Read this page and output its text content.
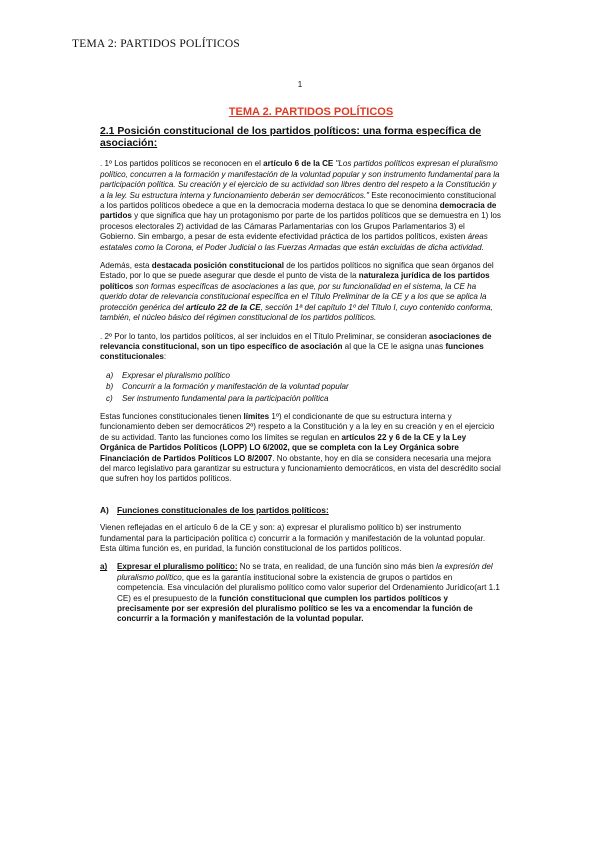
TEMA 2: PARTIDOS POLÍTICOS
1
TEMA 2. PARTIDOS POLÍTICOS
2.1 Posición constitucional de los partidos políticos: una forma específica de asociación:

. 1º Los partidos políticos se reconocen en el artículo 6 de la CE "Los partidos políticos expresan el pluralismo político, concurren a la formación y manifestación de la voluntad popular y son instrumento fundamental para la participación política. Su creación y el ejercicio de su actividad son libres dentro del respeto a la Constitución y a la ley. Su estructura interna y funcionamiento deberán ser democráticos." Este reconocimiento constitucional a los partidos políticos obedece a que en la democracia moderna destaca lo que se denomina democracia de partidos y que significa que hay un protagonismo por parte de los partidos políticos que se demuestra en 1) los procesos electorales 2) actividad de las Cámaras Parlamentarias con los Grupos Parlamentarios 3) el Gobierno. Sin embargo, a pesar de esta evidente efectividad práctica de los partidos políticos, existen áreas estatales como la Corona, el Poder Judicial o las Fuerzas Armadas que están excluidas de dicha actividad.

Además, esta destacada posición constitucional de los partidos políticos no significa que sean órganos del Estado, por lo que se puede asegurar que desde el punto de vista de la naturaleza jurídica de los partidos políticos son formas específicas de asociaciones a las que, por su funcionalidad en el sistema, la CE ha querido dotar de relevancia constitucional específica en el Título Preliminar de la CE y a los que se aplica la protección genérica del artículo 22 de la CE, sección 1ª del capítulo 1º del Título I, cuyo contenido conforma, también, el núcleo básico del régimen constitucional de los partidos políticos.

. 2º Por lo tanto, los partidos políticos, al ser incluidos en el Título Preliminar, se consideran asociaciones de relevancia constitucional, son un tipo específico de asociación al que la CE le asigna unas funciones constitucionales:

a) Expresar el pluralismo político
b) Concurrir a la formación y manifestación de la voluntad popular
c) Ser instrumento fundamental para la participación política

Estas funciones constitucionales tienen límites 1º) el condicionante de que su estructura interna y funcionamiento deben ser democráticos 2º) respeto a la Constitución y a la ley en su creación y en el ejercicio de su actividad. Tanto las funciones como los límites se regulan en artículos 22 y 6 de la CE y la Ley Orgánica de Partidos Políticos (LOPP) LO 6/2002, que se completa con la Ley Orgánica sobre Financiación de Partidos Políticos LO 8/2007. No obstante, hoy en día se considera necesaria una mejora del marco legislativo para garantizar su estructura y funcionamiento democráticos, en vista del descrédito social que sufren hoy los partidos políticos.

A) Funciones constitucionales de los partidos políticos:

Vienen reflejadas en el artículo 6 de la CE y son: a) expresar el pluralismo político b) ser instrumento fundamental para la participación política c) concurrir a la formación y manifestación de la voluntad popular. Esta última función es, en puridad, la función constitucional de los partidos políticos.

a) Expresar el pluralismo político: No se trata, en realidad, de una función sino más bien la expresión del pluralismo político, que es la garantía institucional sobre la existencia de grupos o partidos en competencia. Esa vinculación del pluralismo político como valor superior del Ordenamiento Jurídico(art 1.1 CE) es el presupuesto de la función constitucional que cumplen los partidos políticos y precisamente por ser expresión del pluralismo político se les va a encomendar la función de concurrir a la formación y manifestación de la voluntad popular.
